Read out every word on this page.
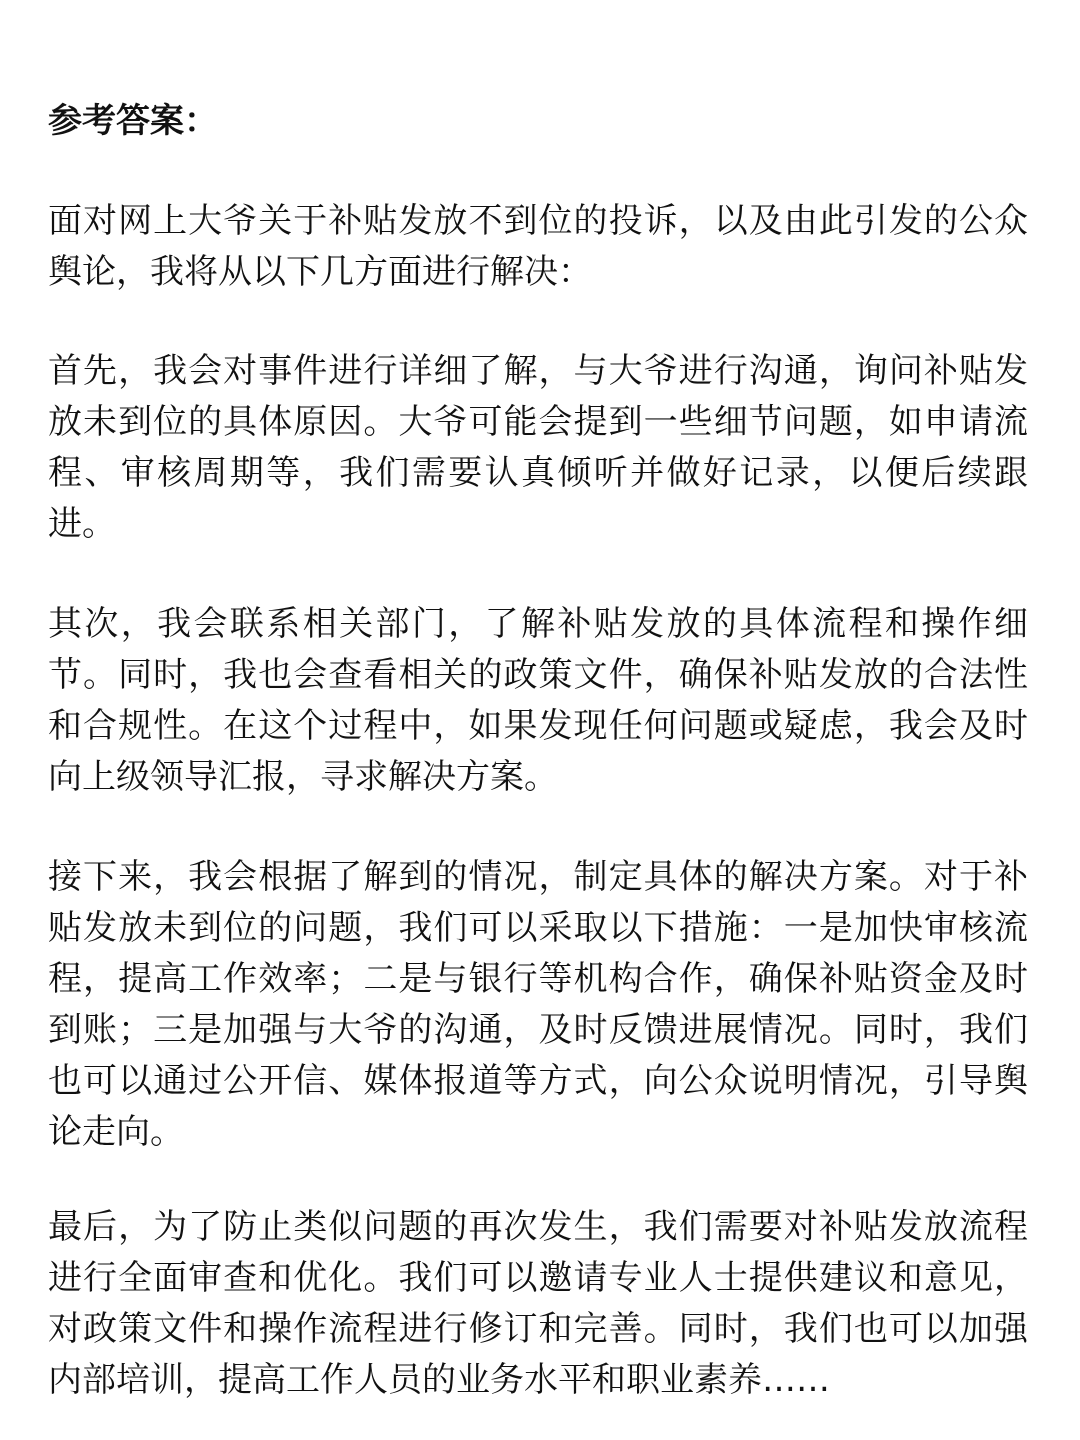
参考答案：

面对网上大爷关于补贴发放不到位的投诉，以及由此引发的公众舆论，我将从以下几方面进行解决：

首先，我会对事件进行详细了解，与大爷进行沟通，询问补贴发放未到位的具体原因。大爷可能会提到一些细节问题，如申请流程、审核周期等，我们需要认真倾听并做好记录，以便后续跟进。

其次，我会联系相关部门，了解补贴发放的具体流程和操作细节。同时，我也会查看相关的政策文件，确保补贴发放的合法性和合规性。在这个过程中，如果发现任何问题或疑虑，我会及时向上级领导汇报，寻求解决方案。

接下来，我会根据了解到的情况，制定具体的解决方案。对于补贴发放未到位的问题，我们可以采取以下措施：一是加快审核流程，提高工作效率；二是与银行等机构合作，确保补贴资金及时到账；三是加强与大爷的沟通，及时反馈进展情况。同时，我们也可以通过公开信、媒体报道等方式，向公众说明情况，引导舆论走向。

最后，为了防止类似问题的再次发生，我们需要对补贴发放流程进行全面审查和优化。我们可以邀请专业人士提供建议和意见，对政策文件和操作流程进行修订和完善。同时，我们也可以加强内部培训，提高工作人员的业务水平和职业素养……
